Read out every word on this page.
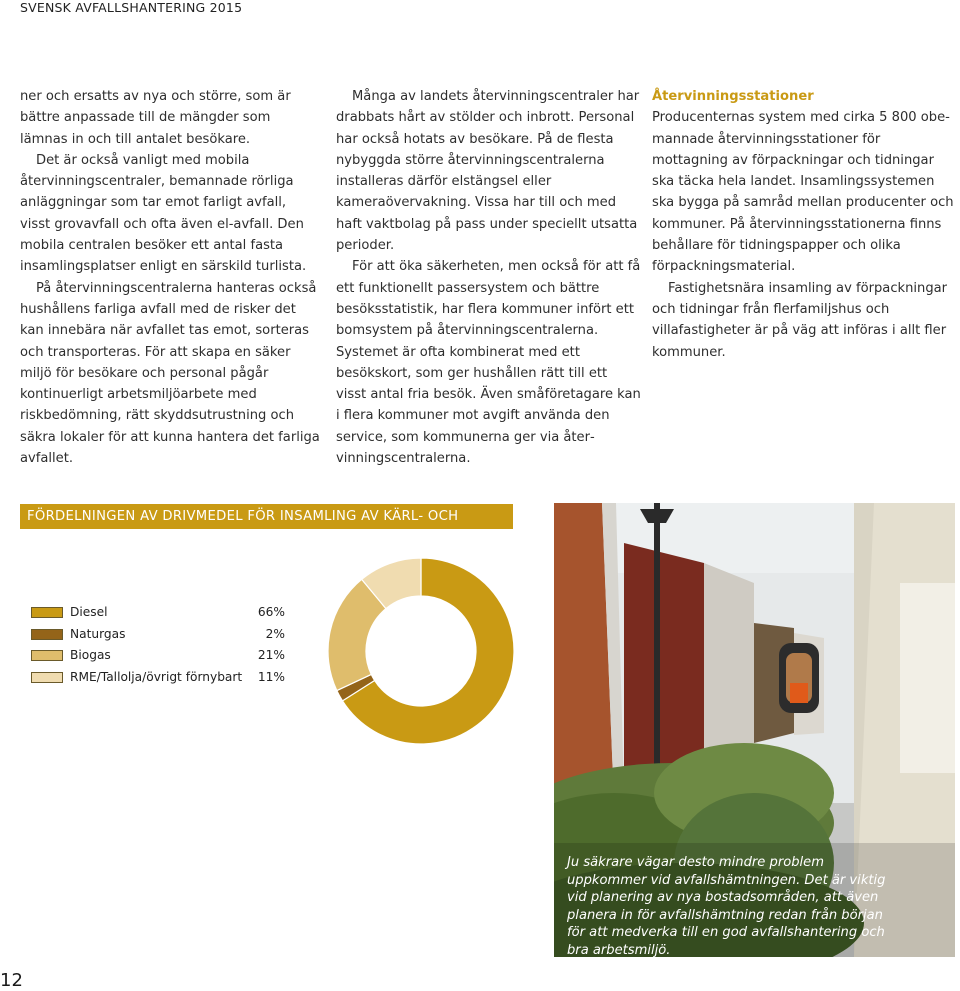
SVENSK AVFALLSHANTERING 2015

ner och ersatts av nya och större, som är bättre anpassade till de mängder som lämnas in och till antalet besökare.

Det är också vanligt med mobila återvinningscentraler, bemannade rörliga anläggningar som tar emot farligt avfall, visst grovavfall och ofta även el-avfall. Den mobila centralen besöker ett antal fasta insamlingsplatser enligt en särskild turlista.

På återvinningscentralerna hanteras också hushållens farliga avfall med de risker det kan innebära när avfallet tas emot, sorteras och transporteras. För att skapa en säker miljö för besökare och personal pågår kontinuerligt arbetsmiljöarbete med riskbedömning, rätt skyddsutrustning och säkra lokaler för att kunna hantera det farliga avfallet.

Många av landets återvinningscentraler har drabbats hårt av stölder och inbrott. Personal har också hotats av besökare. På de flesta nybyggda större återvinningscentralerna installeras därför elstängsel eller kameraövervakning. Vissa har till och med haft vaktbolag på pass under speciellt utsatta perioder.

För att öka säkerheten, men också för att få ett funktionellt passersystem och bättre besöksstatistik, har flera kommuner infört ett bomsystem på återvinningscentralerna. Systemet är ofta kombinerat med ett besökskort, som ger hushållen rätt till ett visst antal fria besök. Även småföretagare kan i flera kommuner mot avgift använda den service, som kommunerna ger via återvinningscentralerna.

Återvinningsstationer

Producenternas system med cirka 5 800 obemannade återvinningsstationer för mottagning av förpackningar och tidningar ska täcka hela landet. Insamlingssystemen ska bygga på samråd mellan producenter och kommuner. På återvinningsstationerna finns behållare för tidningspapper och olika förpackningsmaterial.

Fastighetsnära insamling av förpackningar och tidningar från flerfamiljshus och villafastigheter är på väg att införas i allt fler kommuner.

FÖRDELNINGEN AV DRIVMEDEL FÖR INSAMLING AV KÄRL- OCH SÄCKAVFALL
Diesel	66%
Naturgas	2%
Biogas	21%
RME/Tallolja/övrigt förnybart 11%
Ju säkrare vägar desto mindre problem uppkommer vid avfallshämtningen. Det är viktig vid planering av nya bostadsområden, att även planera in för avfallshämtning redan från början för att medverka till en god avfallshantering och bra arbetsmiljö.
12
